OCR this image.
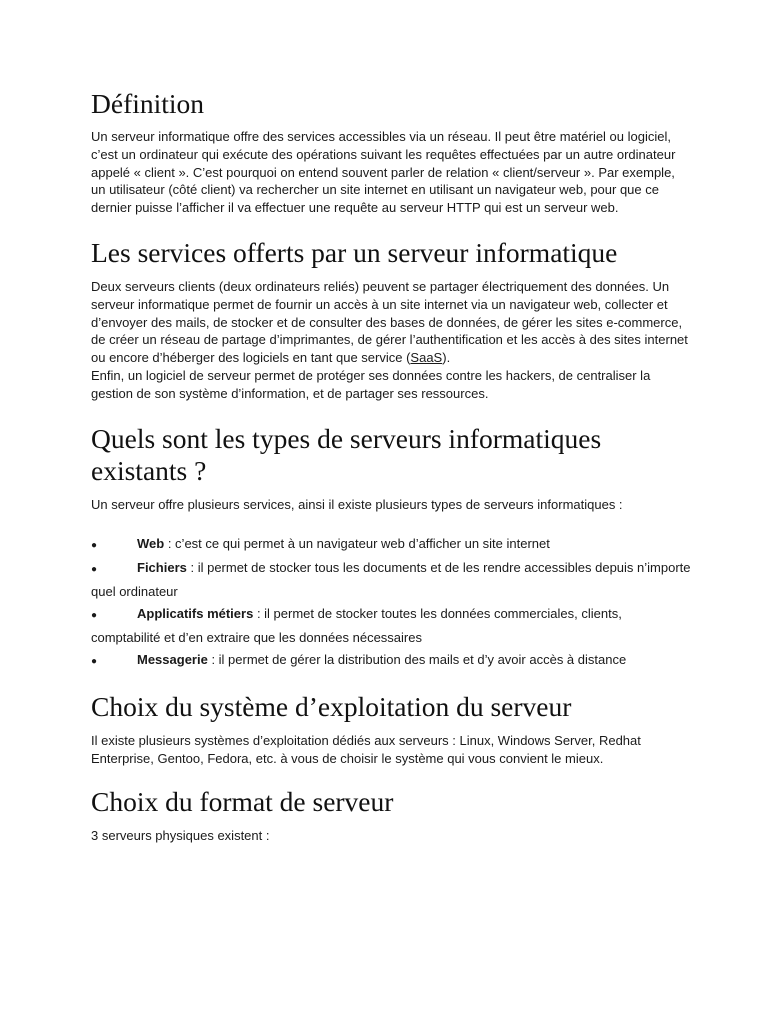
Définition

Un serveur informatique offre des services accessibles via un réseau. Il peut être matériel ou logiciel, c’est un ordinateur qui exécute des opérations suivant les requêtes effectuées par un autre ordinateur appelé « client ». C’est pourquoi on entend souvent parler de relation « client/serveur ». Par exemple, un utilisateur (côté client) va rechercher un site internet en utilisant un navigateur web, pour que ce dernier puisse l’afficher il va effectuer une requête au serveur HTTP qui est un serveur web.

Les services offerts par un serveur informatique

Deux serveurs clients (deux ordinateurs reliés) peuvent se partager électriquement des données. Un serveur informatique permet de fournir un accès à un site internet via un navigateur web, collecter et d’envoyer des mails, de stocker et de consulter des bases de données, de gérer les sites e-commerce, de créer un réseau de partage d’imprimantes, de gérer l’authentification et les accès à des sites internet ou encore d’héberger des logiciels en tant que service (SaaS).

Enfin, un logiciel de serveur permet de protéger ses données contre les hackers, de centraliser la gestion de son système d’information, et de partager ses ressources.

Quels sont les types de serveurs informatiques existants ?

Un serveur offre plusieurs services, ainsi il existe plusieurs types de serveurs informatiques :

●	Web : c’est ce qui permet à un navigateur web d’afficher un site internet
●	Fichiers : il permet de stocker tous les documents et de les rendre accessibles depuis n’importe quel ordinateur
●	Applicatifs métiers : il permet de stocker toutes les données commerciales, clients, comptabilité et d’en extraire que les données nécessaires
●	Messagerie : il permet de gérer la distribution des mails et d’y avoir accès à distance
Choix du système d’exploitation du serveur

Il existe plusieurs systèmes d’exploitation dédiés aux serveurs : Linux, Windows Server, Redhat Enterprise, Gentoo, Fedora, etc. à vous de choisir le système qui vous convient le mieux.

Choix du format de serveur

3 serveurs physiques existent :
